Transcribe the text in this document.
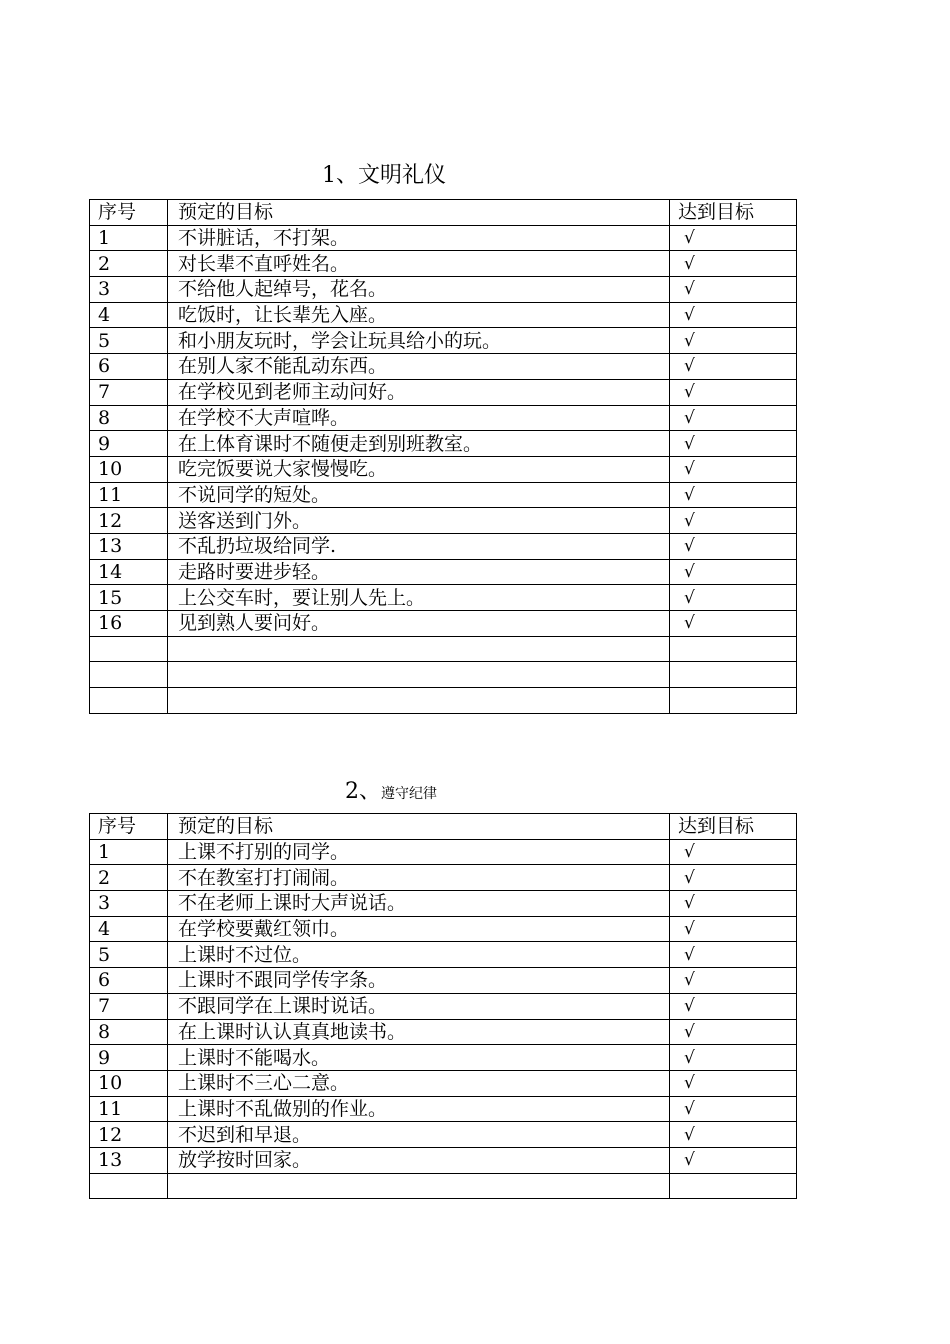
1、文明礼仪
序号	预定的目标	达到目标
1	不讲脏话，不打架。	√
2	对长辈不直呼姓名。	√
3	不给他人起绰号，花名。	√
4	吃饭时，让长辈先入座。	√
5	和小朋友玩时，学会让玩具给小的玩。	√
6	在别人家不能乱动东西。	√
7	在学校见到老师主动问好。	√
8	在学校不大声喧哗。	√
9	在上体育课时不随便走到别班教室。	√
10	吃完饭要说大家慢慢吃。	√
11	不说同学的短处。	√
12	送客送到门外。	√
13	不乱扔垃圾给同学.	√
14	走路时要进步轻。	√
15	上公交车时，要让别人先上。	√
16	见到熟人要问好。	√

2、遵守纪律
序号	预定的目标	达到目标
1	上课不打别的同学。	√
2	不在教室打打闹闹。	√
3	不在老师上课时大声说话。	√
4	在学校要戴红领巾。	√
5	上课时不过位。	√
6	上课时不跟同学传字条。	√
7	不跟同学在上课时说话。	√
8	在上课时认认真真地读书。	√
9	上课时不能喝水。	√
10	上课时不三心二意。	√
11	上课时不乱做别的作业。	√
12	不迟到和早退。	√
13	放学按时回家。	√
